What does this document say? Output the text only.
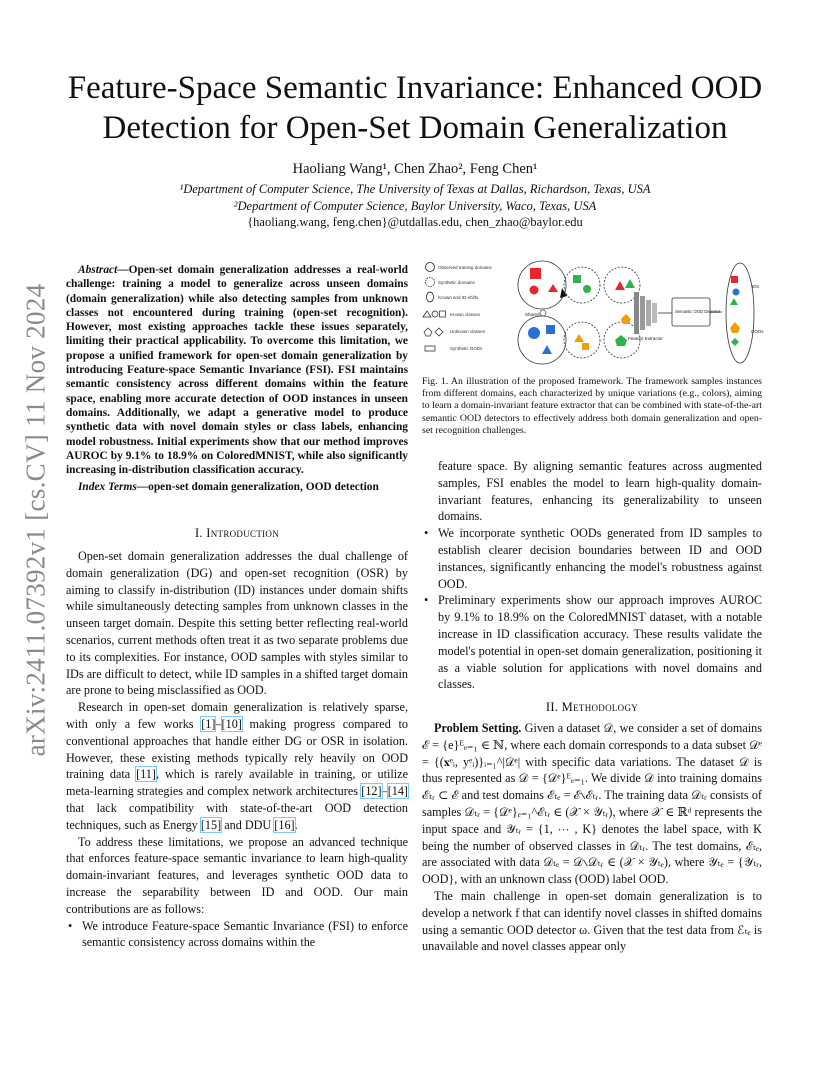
arXiv:2411.07392v1 [cs.CV] 11 Nov 2024
Feature-Space Semantic Invariance: Enhanced OOD Detection for Open-Set Domain Generalization
Haoliang Wang¹, Chen Zhao², Feng Chen¹
¹Department of Computer Science, The University of Texas at Dallas, Richardson, Texas, USA
²Department of Computer Science, Baylor University, Waco, Texas, USA
{haoliang.wang, feng.chen}@utdallas.edu, chen_zhao@baylor.edu
Abstract—Open-set domain generalization addresses a real-world challenge: training a model to generalize across unseen domains (domain generalization) while also detecting samples from unknown classes not encountered during training (open-set recognition). However, most existing approaches tackle these issues separately, limiting their practical applicability. To overcome this limitation, we propose a unified framework for open-set domain generalization by introducing Feature-space Semantic Invariance (FSI). FSI maintains semantic consistency across different domains within the feature space, enabling more accurate detection of OOD instances in unseen domains. Additionally, we adapt a generative model to produce synthetic data with novel domain styles or class labels, enhancing model robustness. Initial experiments show that our method improves AUROC by 9.1% to 18.9% on ColoredMNIST, while also significantly increasing in-distribution classification accuracy.
Index Terms—open-set domain generalization, OOD detection
I. Introduction

Open-set domain generalization addresses the dual challenge of domain generalization (DG) and open-set recognition (OSR) by aiming to classify in-distribution (ID) instances under domain shifts while simultaneously detecting samples from unknown classes in the unseen target domain. Despite this setting better reflecting real-world scenarios, current methods often treat it as two separate problems due to its complexities. For instance, OOD samples with styles similar to IDs are difficult to detect, while ID samples in a shifted target domain are prone to being misclassified as OOD.

Research in open-set domain generalization is relatively sparse, with only a few works [1]–[10] making progress compared to conventional approaches that handle either DG or OSR in isolation. However, these existing methods typically rely heavily on OOD training data [11], which is rarely available in training, or utilize meta-learning strategies and complex network architectures [12]–[14] that lack compatibility with state-of-the-art OOD detection techniques, such as Energy [15] and DDU [16].

To address these limitations, we propose an advanced technique that enforces feature-space semantic invariance to learn high-quality domain-invariant features, and leverages synthetic OOD data to increase the separability between ID and OOD. Our main contributions are as follows:

• We introduce Feature-space Semantic Invariance (FSI) to enforce semantic consistency across domains within the

Observed training domains
Synthetic domains
Known and ID-shifts
Known classes
Unknown classes
Synthetic OODs
Shared
Feature Extractor
Semantic OOD Detector
IDs
OODs
Fig. 1. An illustration of the proposed framework. The framework samples instances from different domains, each characterized by unique variations (e.g., colors), aiming to learn a domain-invariant feature extractor that can be combined with state-of-the-art semantic OOD detectors to effectively address both domain generalization and open-set recognition challenges.

feature space. By aligning semantic features across augmented samples, FSI enables the model to learn high-quality domain-invariant features, enhancing its generalizability to unseen domains.

• We incorporate synthetic OODs generated from ID samples to establish clearer decision boundaries between ID and OOD instances, significantly enhancing the model's robustness against OOD.

• Preliminary experiments show our approach improves AUROC by 9.1% to 18.9% on the ColoredMNIST dataset, with a notable increase in ID classification accuracy. These results validate the model's potential in open-set domain generalization, positioning it as a viable solution for applications with novel domains and classes.

II. Methodology

Problem Setting. Given a dataset 𝒟, we consider a set of domains ℰ = {e}ᴱₑ₌₁ ∈ ℕ, where each domain corresponds to a data subset 𝒟ᵉ = {(𝐱ᵉᵢ, yᵉᵢ)}ᵢ₌₁^|𝒟ᵉ| with specific data variations. The dataset 𝒟 is thus represented as 𝒟 = {𝒟ᵉ}ᴱₑ₌₁. We divide 𝒟 into training domains ℰₜᵣ ⊂ ℰ and test domains ℰₜₑ = ℰ∖ℰₜᵣ. The training data 𝒟ₜᵣ consists of samples 𝒟ₜᵣ = {𝒟ᵉ}ₑ₌₁^ℰₜᵣ ∈ (𝒳 × 𝒴ₜᵣ), where 𝒳 ∈ ℝᵈ represents the input space and 𝒴ₜᵣ = {1, ⋯ , K} denotes the label space, with K being the number of observed classes in 𝒟ₜᵣ. The test domains, ℰₜₑ, are associated with data 𝒟ₜₑ = 𝒟∖𝒟ₜᵣ ∈ (𝒳 × 𝒴ₜₑ), where 𝒴ₜₑ = {𝒴ₜᵣ, OOD}, with an unknown class (OOD) label OOD.

The main challenge in open-set domain generalization is to develop a network f that can identify novel classes in shifted domains using a semantic OOD detector ω. Given that the test data from ℰₜₑ is unavailable and novel classes appear only
